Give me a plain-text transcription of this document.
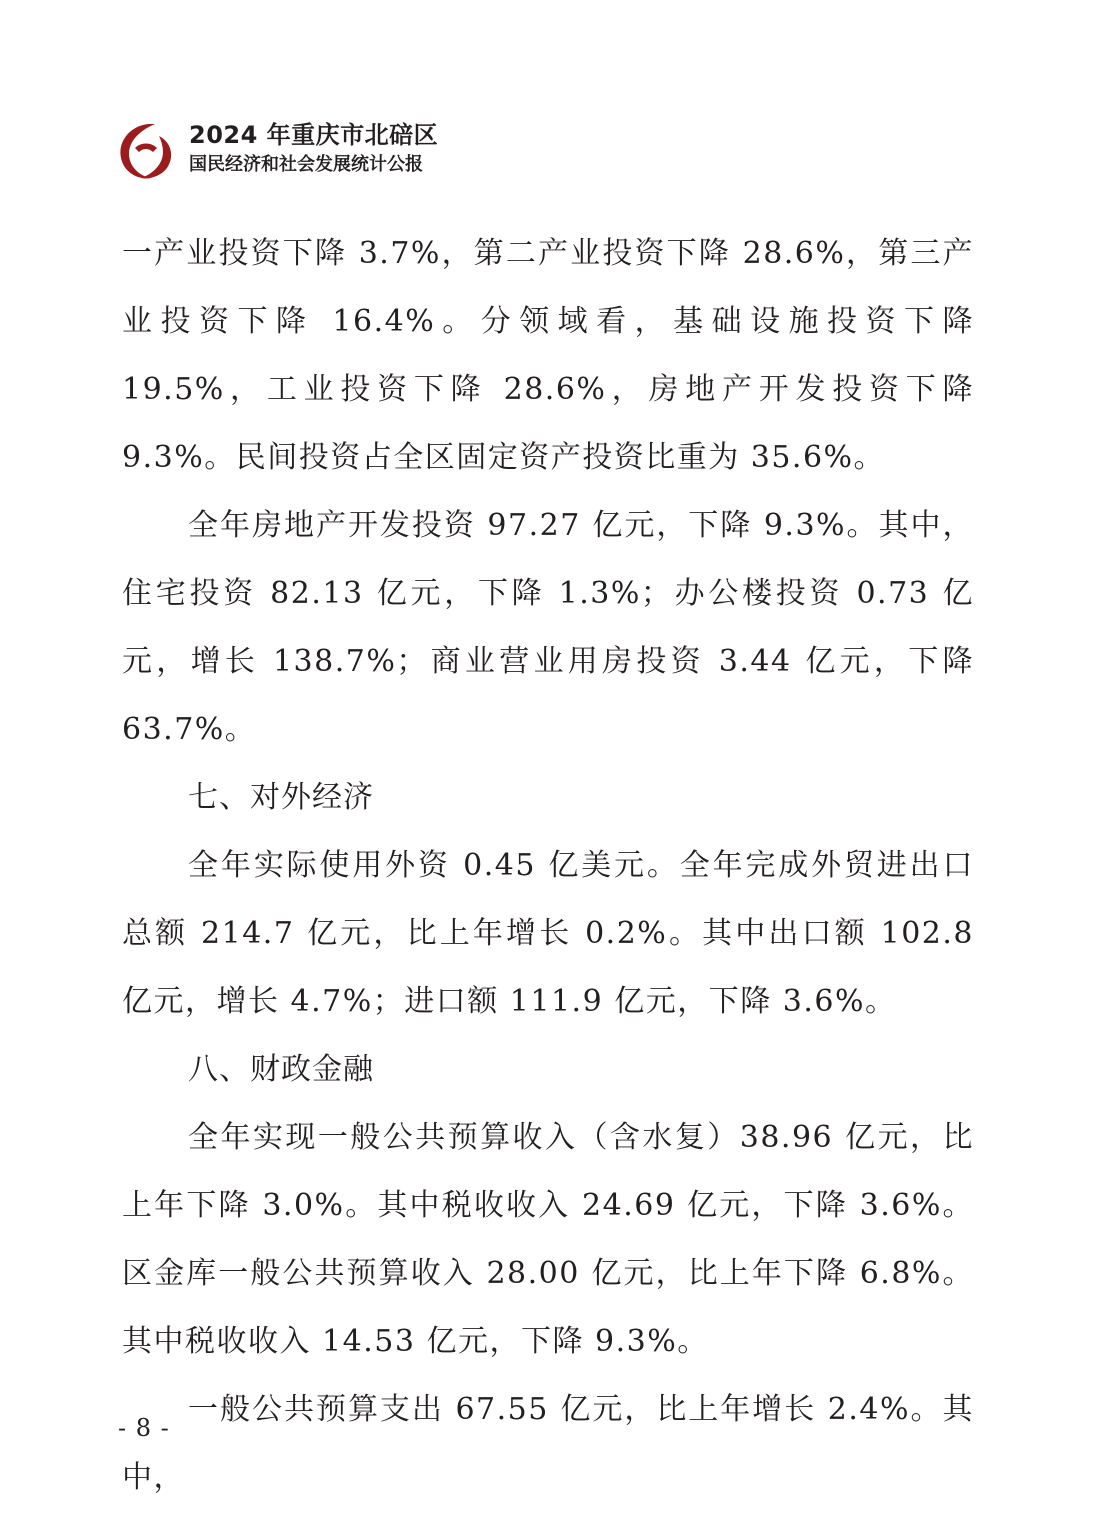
2024 年重庆市北碚区
国民经济和社会发展统计公报

一产业投资下降 3.7%，第二产业投资下降 28.6%，第三产业投资下降 16.4%。分领域看，基础设施投资下降 19.5%，工业投资下降 28.6%，房地产开发投资下降 9.3%。民间投资占全区固定资产投资比重为 35.6%。

全年房地产开发投资 97.27 亿元，下降 9.3%。其中，住宅投资 82.13 亿元，下降 1.3%；办公楼投资 0.73 亿元，增长 138.7%；商业营业用房投资 3.44 亿元，下降 63.7%。

七、对外经济

全年实际使用外资 0.45 亿美元。全年完成外贸进出口总额 214.7 亿元，比上年增长 0.2%。其中出口额 102.8 亿元，增长 4.7%；进口额 111.9 亿元，下降 3.6%。

八、财政金融

全年实现一般公共预算收入（含水复）38.96 亿元，比上年下降 3.0%。其中税收收入 24.69 亿元，下降 3.6%。区金库一般公共预算收入 28.00 亿元，比上年下降 6.8%。其中税收收入 14.53 亿元，下降 9.3%。

一般公共预算支出 67.55 亿元，比上年增长 2.4%。其中，

- 8 -
